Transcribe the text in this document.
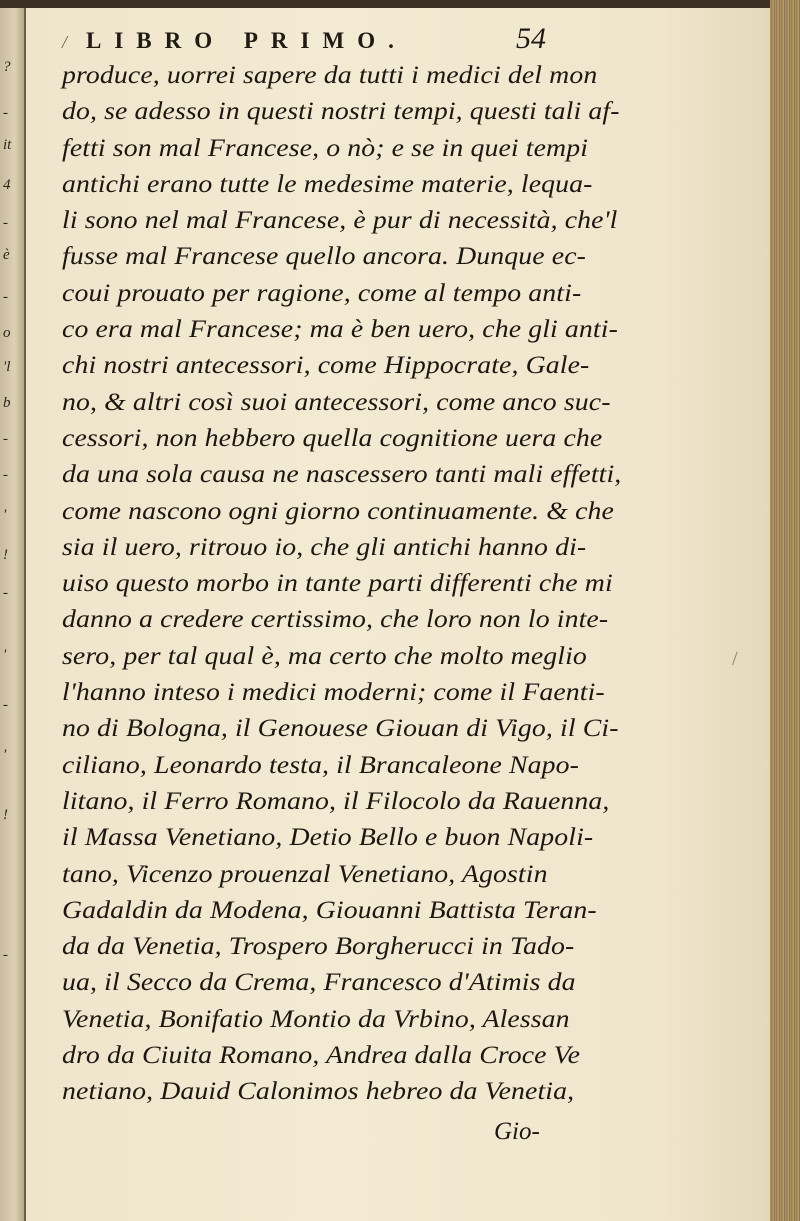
?
-
it
4
-
è
-
o
'l
b
-
-
'
!
-
'
-
'
!
-
/ LIBRO PRIMO.	54
produce, uorrei sapere da tutti i medici del mon
do, se adesso in questi nostri tempi, questi tali af-
fetti son mal Francese, o nò; e se in quei tempi
antichi erano tutte le medesime materie, lequa-
li sono nel mal Francese, è pur di necessità, che'l
fusse mal Francese quello ancora. Dunque ec-
coui prouato per ragione, come al tempo anti-
co era mal Francese; ma è ben uero, che gli anti-
chi nostri antecessori, come Hippocrate, Gale-
no, & altri così suoi antecessori, come anco suc-
cessori, non hebbero quella cognitione uera che
da una sola causa ne nascessero tanti mali effetti,
come nascono ogni giorno continuamente. & che
sia il uero, ritrouo io, che gli antichi hanno di-
uiso questo morbo in tante parti differenti che mi
danno a credere certissimo, che loro non lo inte-
sero, per tal qual è, ma certo che molto meglio
l'hanno inteso i medici moderni; come il Faenti-
no di Bologna, il Genouese Giouan di Vigo, il Ci-
ciliano, Leonardo testa, il Brancaleone Napo-
litano, il Ferro Romano, il Filocolo da Rauenna,
il Massa Venetiano, Detio Bello e buon Napoli-
tano, Vicenzo prouenzal Venetiano, Agostin
Gadaldin da Modena, Giouanni Battista Teran-
da da Venetia, Trospero Borgherucci in Tado-
ua, il Secco da Crema, Francesco d'Atimis da
Venetia, Bonifatio Montio da Vrbino, Alessan
dro da Ciuita Romano, Andrea dalla Croce Ve
netiano, Dauid Calonimos hebreo da Venetia,
Gio-
/
